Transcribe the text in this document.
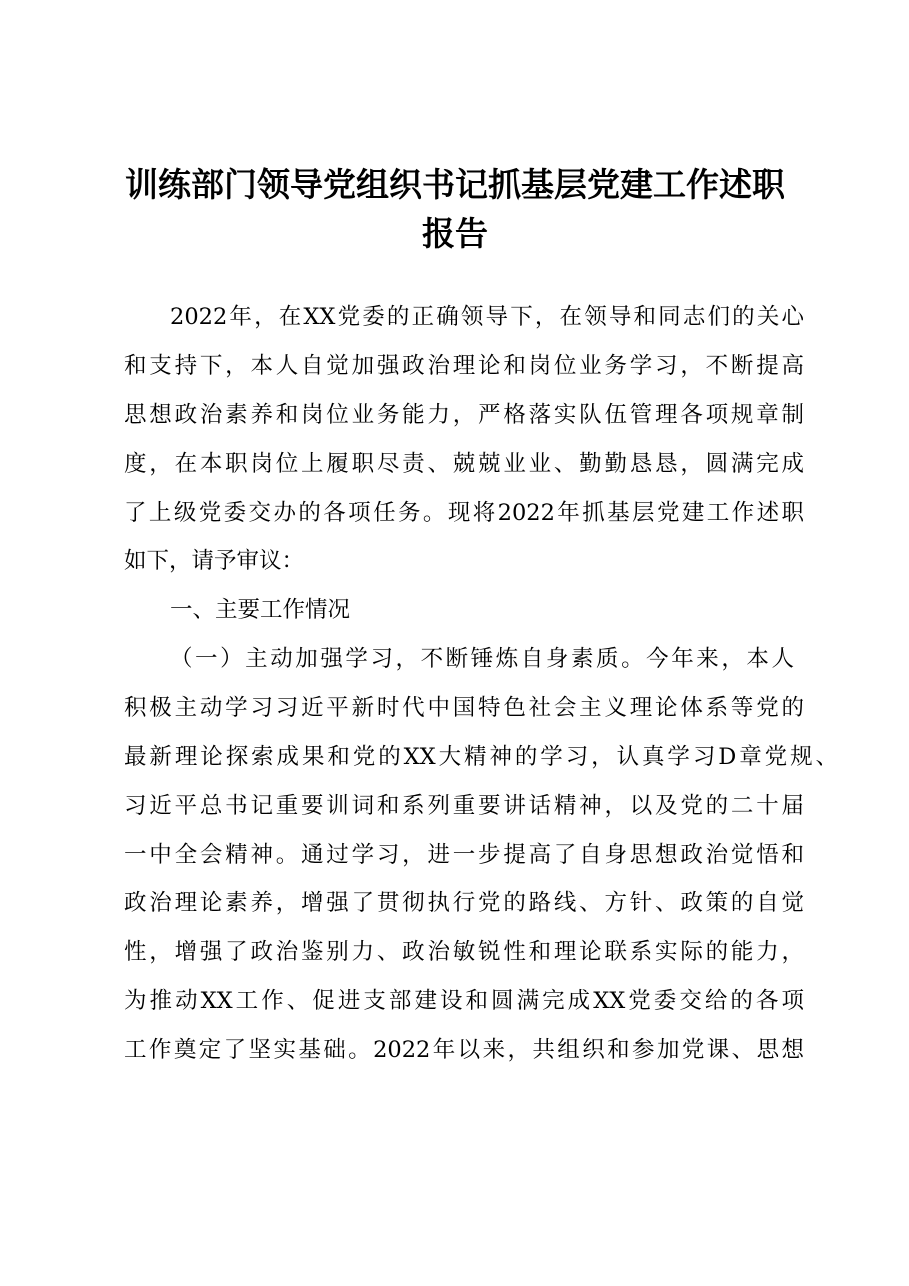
训练部门领导党组织书记抓基层党建工作述职
报告

2022年，在XX党委的正确领导下，在领导和同志们的关心

和支持下，本人自觉加强政治理论和岗位业务学习，不断提高

思想政治素养和岗位业务能力，严格落实队伍管理各项规章制

度，在本职岗位上履职尽责、兢兢业业、勤勤恳恳，圆满完成

了上级党委交办的各项任务。现将2022年抓基层党建工作述职

如下，请予审议：

一、主要工作情况

（一）主动加强学习，不断锤炼自身素质。今年来，本人

积极主动学习习近平新时代中国特色社会主义理论体系等党的

最新理论探索成果和党的XX大精神的学习，认真学习D章党规、

习近平总书记重要训词和系列重要讲话精神，以及党的二十届

一中全会精神。通过学习，进一步提高了自身思想政治觉悟和

政治理论素养，增强了贯彻执行党的路线、方针、政策的自觉

性，增强了政治鉴别力、政治敏锐性和理论联系实际的能力，

为推动XX工作、促进支部建设和圆满完成XX党委交给的各项

工作奠定了坚实基础。2022年以来，共组织和参加党课、思想
